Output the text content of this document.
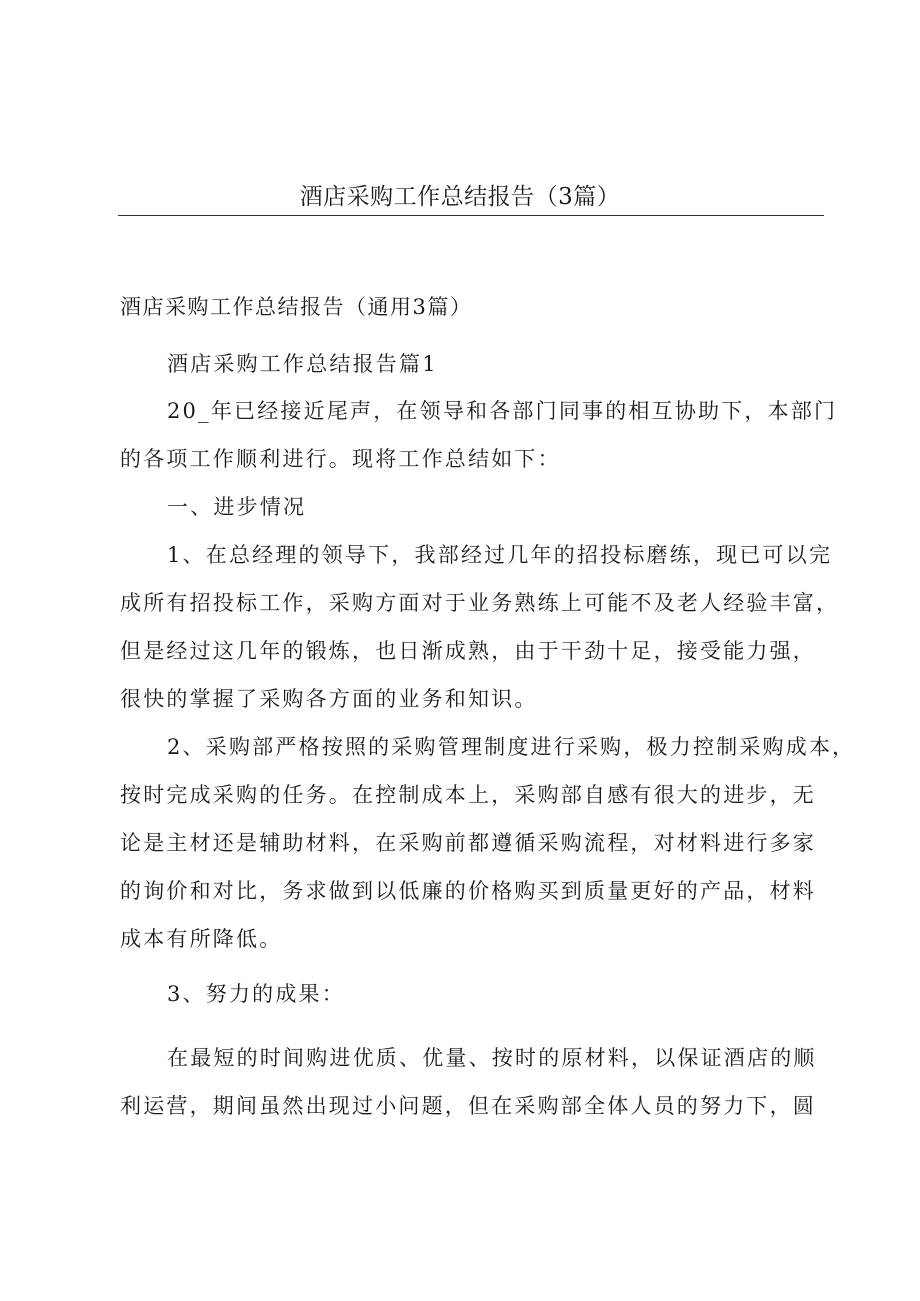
酒店采购工作总结报告（3篇）
酒店采购工作总结报告（通用3篇）
酒店采购工作总结报告篇1
20_年已经接近尾声，在领导和各部门同事的相互协助下，本部门
的各项工作顺利进行。现将工作总结如下：
一、进步情况
1、在总经理的领导下，我部经过几年的招投标磨练，现已可以完
成所有招投标工作，采购方面对于业务熟练上可能不及老人经验丰富，
但是经过这几年的锻炼，也日渐成熟，由于干劲十足，接受能力强，
很快的掌握了采购各方面的业务和知识。
2、采购部严格按照的采购管理制度进行采购，极力控制采购成本，
按时完成采购的任务。在控制成本上，采购部自感有很大的进步，无
论是主材还是辅助材料，在采购前都遵循采购流程，对材料进行多家
的询价和对比，务求做到以低廉的价格购买到质量更好的产品，材料
成本有所降低。
3、努力的成果：
在最短的时间购进优质、优量、按时的原材料，以保证酒店的顺
利运营，期间虽然出现过小问题，但在采购部全体人员的努力下，圆
